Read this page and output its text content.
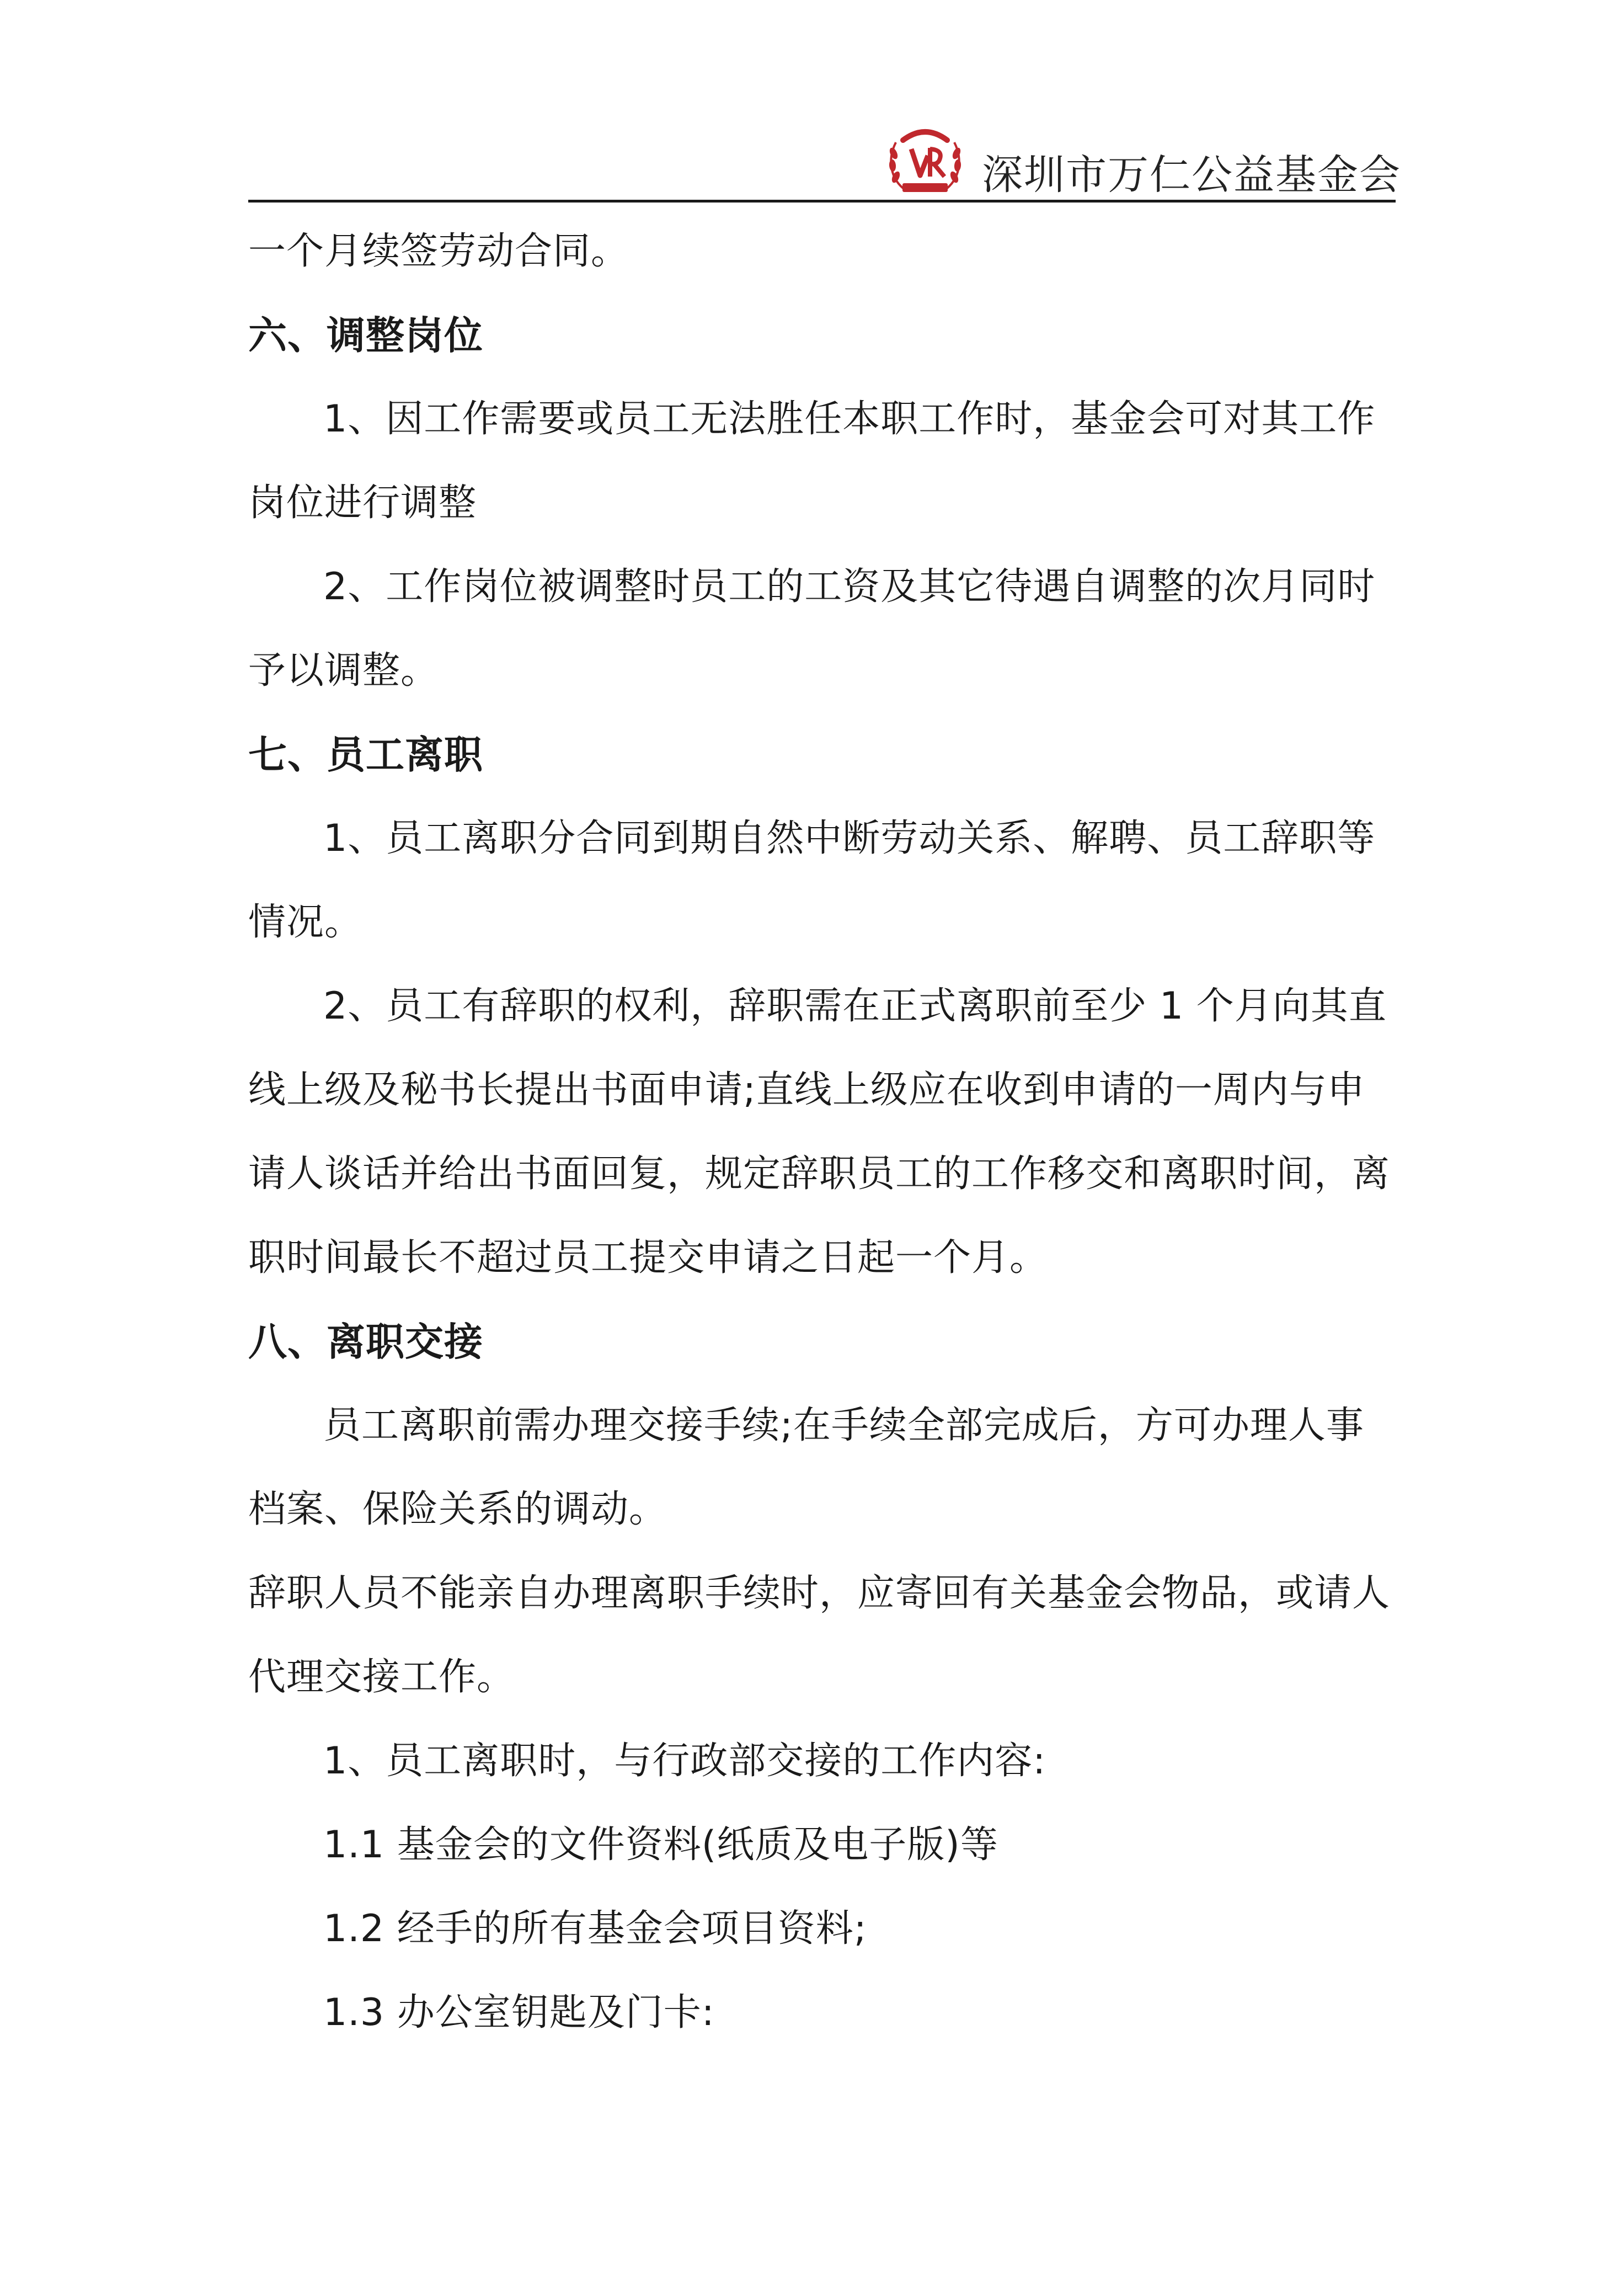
深圳市万仁公益基金会
一个月续签劳动合同。
六、调整岗位
1、因工作需要或员工无法胜任本职工作时，基金会可对其工作
岗位进行调整
2、工作岗位被调整时员工的工资及其它待遇自调整的次月同时
予以调整。
七、员工离职
1、员工离职分合同到期自然中断劳动关系、解聘、员工辞职等
情况。
2、员工有辞职的权利，辞职需在正式离职前至少 1 个月向其直
线上级及秘书长提出书面申请;直线上级应在收到申请的一周内与申
请人谈话并给出书面回复，规定辞职员工的工作移交和离职时间，离
职时间最长不超过员工提交申请之日起一个月。
八、离职交接
员工离职前需办理交接手续;在手续全部完成后，方可办理人事
档案、保险关系的调动。
辞职人员不能亲自办理离职手续时，应寄回有关基金会物品，或请人
代理交接工作。
1、员工离职时，与行政部交接的工作内容:
1.1 基金会的文件资料(纸质及电子版)等
1.2 经手的所有基金会项目资料;
1.3 办公室钥匙及门卡:
